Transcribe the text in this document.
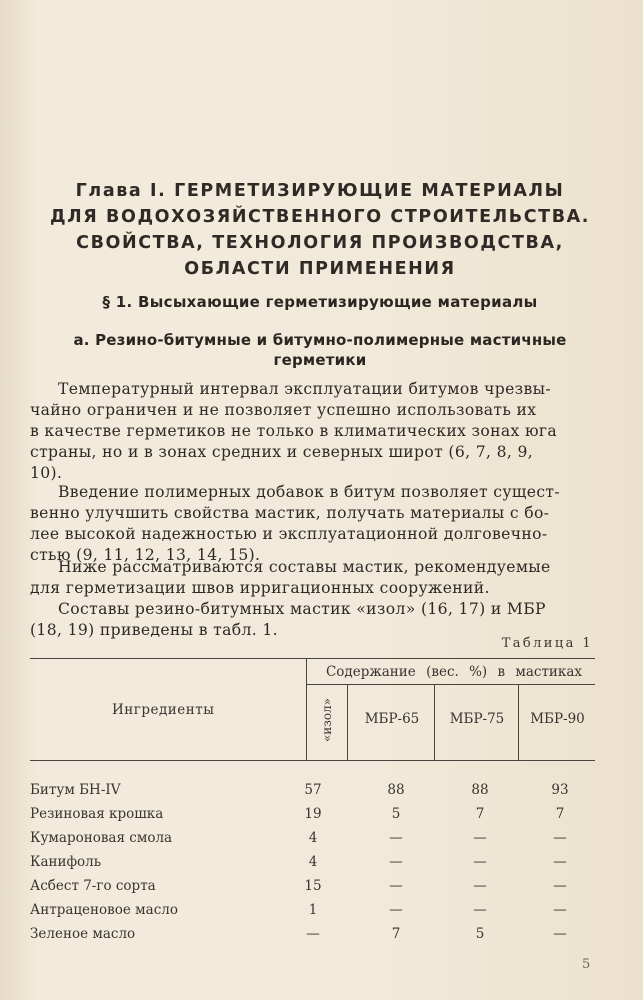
Глава I. ГЕРМЕТИЗИРУЮЩИЕ МАТЕРИАЛЫ
ДЛЯ ВОДОХОЗЯЙСТВЕННОГО СТРОИТЕЛЬСТВА.
СВОЙСТВА, ТЕХНОЛОГИЯ ПРОИЗВОДСТВА,
ОБЛАСТИ ПРИМЕНЕНИЯ
§ 1. Высыхающие герметизирующие материалы
а. Резино-битумные и битумно-полимерные мастичные
герметики
Температурный интервал эксплуатации битумов чрезвы-
чайно ограничен и не позволяет успешно использовать их
в качестве герметиков не только в климатических зонах юга
страны, но и в зонах средних и северных широт (6, 7, 8, 9,
10).
Введение полимерных добавок в битум позволяет сущест-
венно улучшить свойства мастик, получать материалы с бо-
лее высокой надежностью и эксплуатационной долговечно-
стью (9, 11, 12, 13, 14, 15).
Ниже рассматриваются составы мастик, рекомендуемые
для герметизации швов ирригационных сооружений.
Составы резино-битумных мастик «изол» (16, 17) и МБР
(18, 19) приведены в табл. 1.
Таблица 1
Ингредиенты
Содержание (вес. %) в мастиках
«изол»	МБР-65	МБР-75	МБР-90
Битум БН-IV	57	88	88	93
Резиновая крошка	19	5	7	7
Кумароновая смола	4	—	—	—
Канифоль	4	—	—	—
Асбест 7-го сорта	15	—	—	—
Антраценовое масло	1	—	—	—
Зеленое масло	—	7	5	—
5
